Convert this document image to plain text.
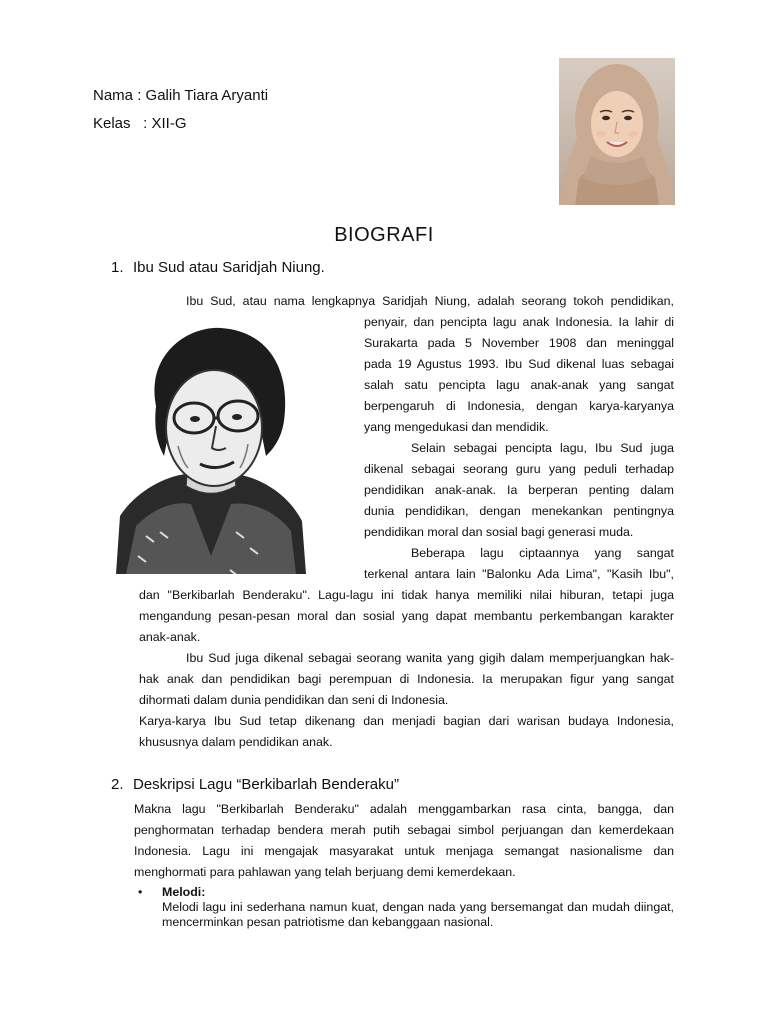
Nama : Galih Tiara Aryanti
Kelas : XII-G
BIOGRAFI
1. Ibu Sud atau Saridjah Niung.
Ibu Sud, atau nama lengkapnya Saridjah Niung, adalah seorang tokoh pendidikan,
penyair, dan pencipta lagu anak Indonesia. Ia lahir di
Surakarta pada 5 November 1908 dan meninggal
pada 19 Agustus 1993. Ibu Sud dikenal luas sebagai
salah satu pencipta lagu anak-anak yang sangat
berpengaruh di Indonesia, dengan karya-karyanya
yang mengedukasi dan mendidik.
Selain sebagai pencipta lagu, Ibu Sud juga
dikenal sebagai seorang guru yang peduli terhadap
pendidikan anak-anak. Ia berperan penting dalam
dunia pendidikan, dengan menekankan pentingnya
pendidikan moral dan sosial bagi generasi muda.
Beberapa lagu ciptaannya yang sangat
terkenal antara lain "Balonku Ada Lima", "Kasih Ibu",

dan "Berkibarlah Benderaku". Lagu-lagu ini tidak hanya memiliki nilai hiburan, tetapi juga mengandung pesan-pesan moral dan sosial yang dapat membantu perkembangan karakter anak-anak.

Ibu Sud juga dikenal sebagai seorang wanita yang gigih dalam memperjuangkan hak-hak anak dan pendidikan bagi perempuan di Indonesia. Ia merupakan figur yang sangat dihormati dalam dunia pendidikan dan seni di Indonesia.

Karya-karya Ibu Sud tetap dikenang dan menjadi bagian dari warisan budaya Indonesia, khususnya dalam pendidikan anak.

2. Deskripsi Lagu “Berkibarlah Benderaku”

Makna lagu "Berkibarlah Benderaku" adalah menggambarkan rasa cinta, bangga, dan penghormatan terhadap bendera merah putih sebagai simbol perjuangan dan kemerdekaan Indonesia. Lagu ini mengajak masyarakat untuk menjaga semangat nasionalisme dan menghormati para pahlawan yang telah berjuang demi kemerdekaan.

• Melodi:
Melodi lagu ini sederhana namun kuat, dengan nada yang bersemangat dan mudah diingat, mencerminkan pesan patriotisme dan kebanggaan nasional.
